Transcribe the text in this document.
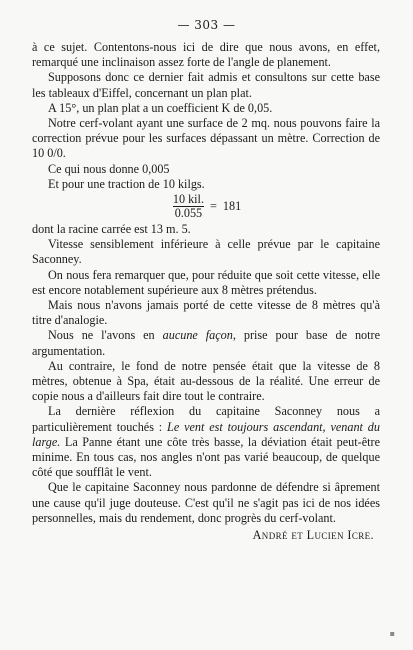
— 303 —

à ce sujet. Contentons-nous ici de dire que nous avons, en effet, remarqué une inclinaison assez forte de l'angle de planement.

Supposons donc ce dernier fait admis et consultons sur cette base les tableaux d'Eiffel, concernant un plan plat.

A 15°, un plan plat a un coefficient K de 0,05.

Notre cerf-volant ayant une surface de 2 mq. nous pouvons faire la correction prévue pour les surfaces dépassant un mètre. Correction de 10 0/0.

Ce qui nous donne 0,005

Et pour une traction de 10 kilgs.

$\frac{\text{10 kil.}}{0.055} = 181$

dont la racine carrée est 13 m. 5.

Vitesse sensiblement inférieure à celle prévue par le capitaine Saconney.

On nous fera remarquer que, pour réduite que soit cette vitesse, elle est encore notablement supérieure aux 8 mètres prétendus.

Mais nous n'avons jamais porté de cette vitesse de 8 mètres qu'à titre d'analogie.

Nous ne l'avons en aucune façon, prise pour base de notre argumentation.

Au contraire, le fond de notre pensée était que la vitesse de 8 mètres, obtenue à Spa, était au-dessous de la réalité. Une erreur de copie nous a d'ailleurs fait dire tout le contraire.

La dernière réflexion du capitaine Saconney nous a particulièrement touchés : Le vent est toujours ascendant, venant du large. La Panne étant une côte très basse, la déviation était peut-être minime. En tous cas, nos angles n'ont pas varié beaucoup, de quelque côté que soufflât le vent.

Que le capitaine Saconney nous pardonne de défendre si âprement une cause qu'il juge douteuse. C'est qu'il ne s'agit pas ici de nos idées personnelles, mais du rendement, donc progrès du cerf-volant.

André et Lucien Icre.
▪
